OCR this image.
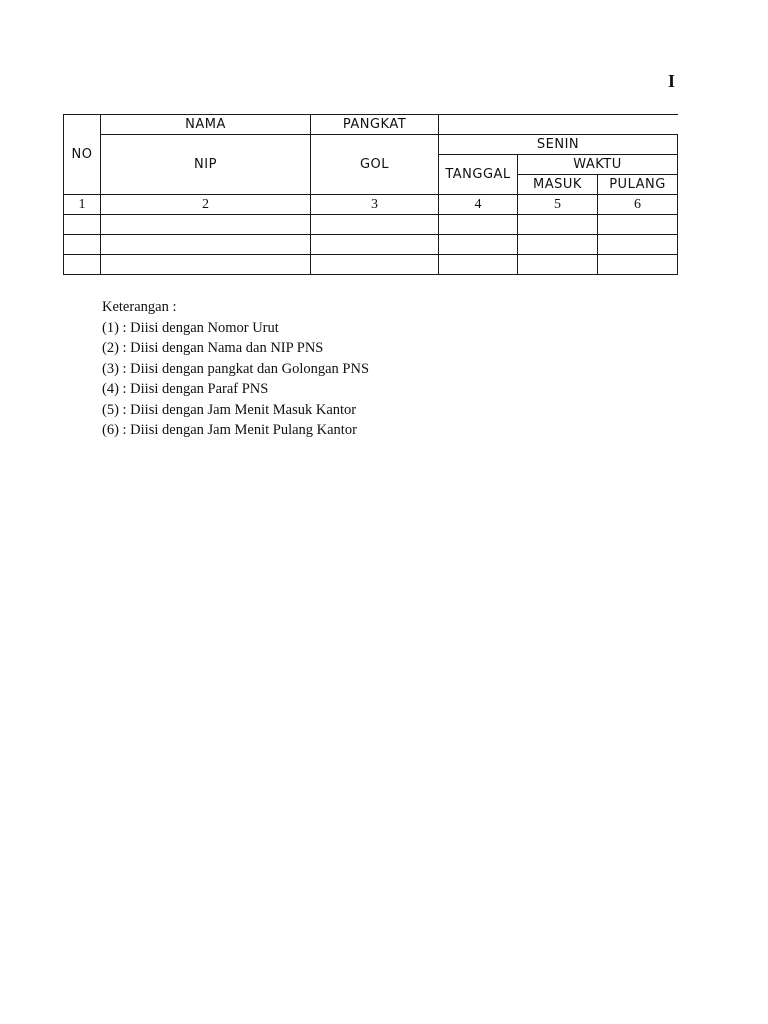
I
NO	NAMA	PANGKAT			
	NIP	GOL	SENIN		
			TANGGAL	WAKTU	
				MASUK	PULANG
1	2	3	4	5	6

Keterangan :
(1) : Diisi dengan Nomor Urut
(2) : Diisi dengan Nama dan NIP PNS
(3) : Diisi dengan pangkat dan Golongan PNS
(4) : Diisi dengan Paraf PNS
(5) : Diisi dengan Jam Menit Masuk Kantor
(6) : Diisi dengan Jam Menit Pulang Kantor
